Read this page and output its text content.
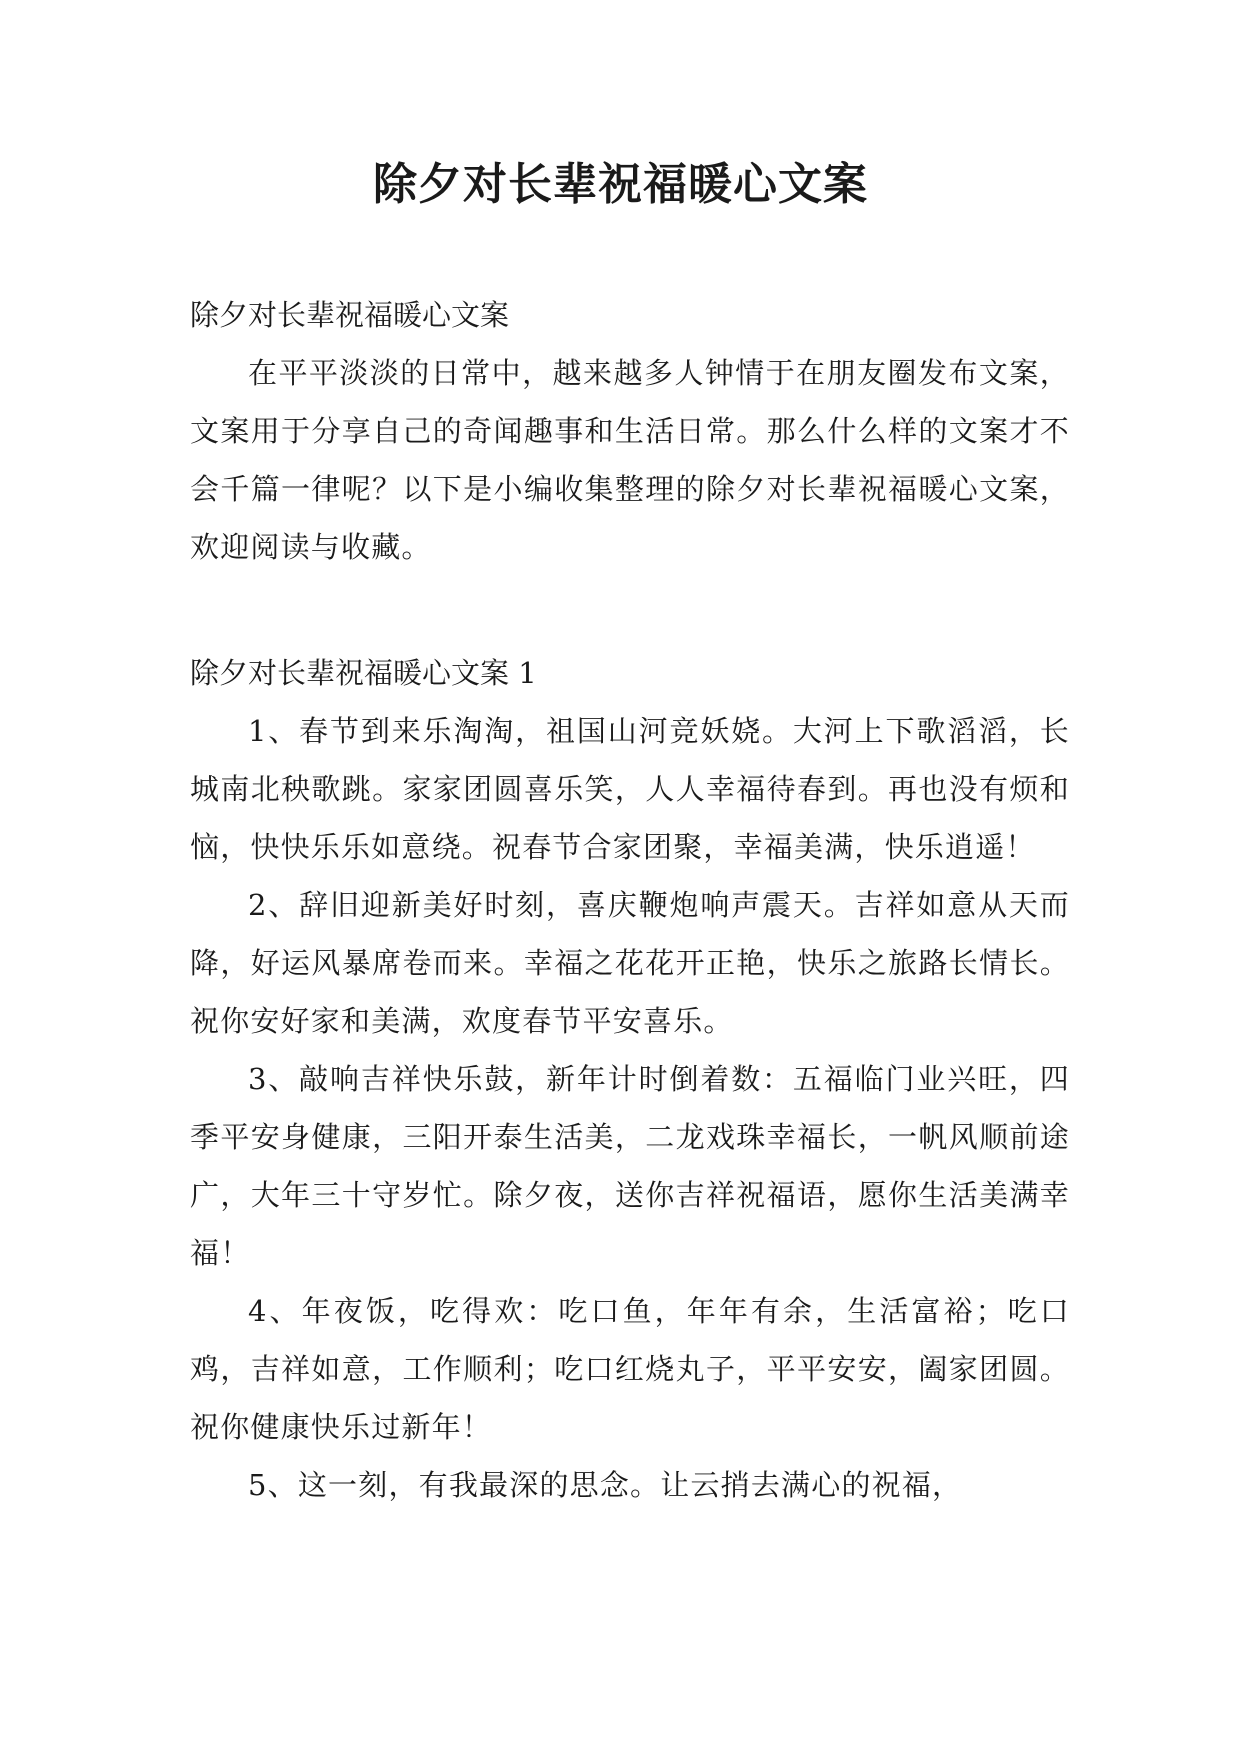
除夕对长辈祝福暖心文案

除夕对长辈祝福暖心文案

在平平淡淡的日常中，越来越多人钟情于在朋友圈发布文案，文案用于分享自己的奇闻趣事和生活日常。那么什么样的文案才不会千篇一律呢？以下是小编收集整理的除夕对长辈祝福暖心文案，欢迎阅读与收藏。

除夕对长辈祝福暖心文案 1

1、春节到来乐淘淘，祖国山河竞妖娆。大河上下歌滔滔，长城南北秧歌跳。家家团圆喜乐笑，人人幸福待春到。再也没有烦和恼，快快乐乐如意绕。祝春节合家团聚，幸福美满，快乐逍遥！

2、辞旧迎新美好时刻，喜庆鞭炮响声震天。吉祥如意从天而降，好运风暴席卷而来。幸福之花花开正艳，快乐之旅路长情长。祝你安好家和美满，欢度春节平安喜乐。

3、敲响吉祥快乐鼓，新年计时倒着数：五福临门业兴旺，四季平安身健康，三阳开泰生活美，二龙戏珠幸福长，一帆风顺前途广，大年三十守岁忙。除夕夜，送你吉祥祝福语，愿你生活美满幸福！

4、年夜饭，吃得欢：吃口鱼，年年有余，生活富裕；吃口鸡，吉祥如意，工作顺利；吃口红烧丸子，平平安安，阖家团圆。祝你健康快乐过新年！

5、这一刻，有我最深的思念。让云捎去满心的祝福，
